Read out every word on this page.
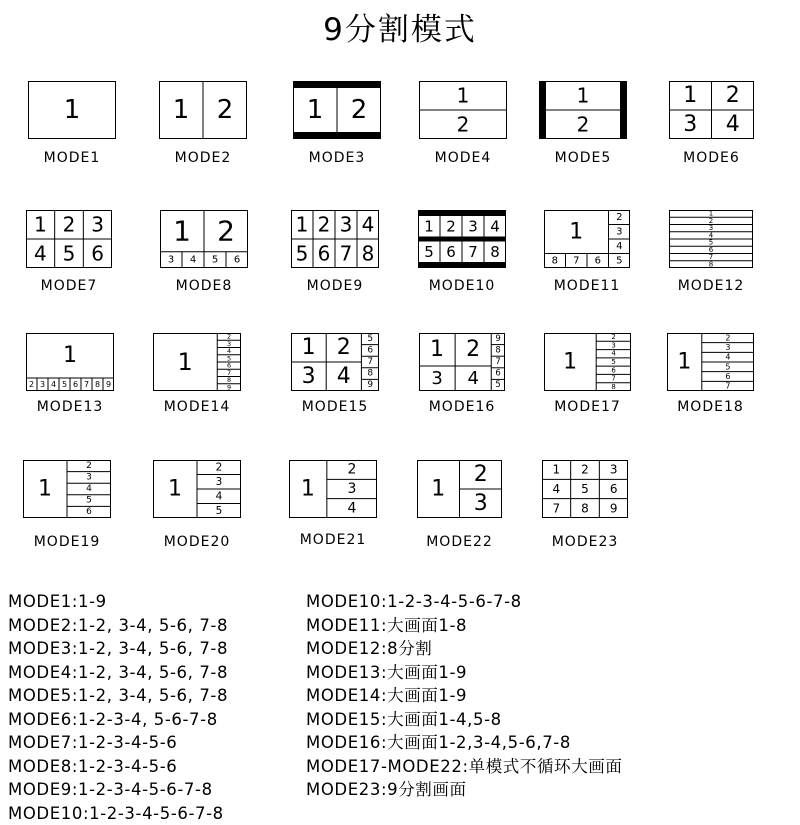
9分割模式
1
MODE1
1 2
MODE2
1 2
MODE3
1
2
MODE4
1
2
MODE5
1 2
3 4
MODE6
1 2 3
4 5 6
MODE7
1 2
3 4 5 6
MODE8
1 2 3 4
5 6 7 8
MODE9
1 2 3 4
5 6 7 8
MODE10
1
2
3
4
5
8 7 6
MODE11
1
2
3
4
5
6
7
8
MODE12
1
2 3 4 5 6 7 8 9
MODE13
1
2
3
4
5
6
7
8
9
MODE14
1 2
3 4
5
6
7
8
9
MODE15
1 2
3 4
9
8
7
6
5
MODE16
1
2
3
4
5
6
7
8
MODE17
1
2
3
4
5
6
7
MODE18
1
2
3
4
5
6
MODE19
1
2
3
4
5
MODE20
1
2
3
4
MODE21
1
2
3
MODE22
1 2 3
4 5 6
7 8 9
MODE23
MODE1:1-9
MODE2:1-2, 3-4, 5-6, 7-8
MODE3:1-2, 3-4, 5-6, 7-8
MODE4:1-2, 3-4, 5-6, 7-8
MODE5:1-2, 3-4, 5-6, 7-8
MODE6:1-2-3-4, 5-6-7-8
MODE7:1-2-3-4-5-6
MODE8:1-2-3-4-5-6
MODE9:1-2-3-4-5-6-7-8
MODE10:1-2-3-4-5-6-7-8
MODE10:1-2-3-4-5-6-7-8
MODE11:大画面1-8
MODE12:8分割
MODE13:大画面1-9
MODE14:大画面1-9
MODE15:大画面1-4,5-8
MODE16:大画面1-2,3-4,5-6,7-8
MODE17-MODE22:单模式不循环大画面
MODE23:9分割画面
